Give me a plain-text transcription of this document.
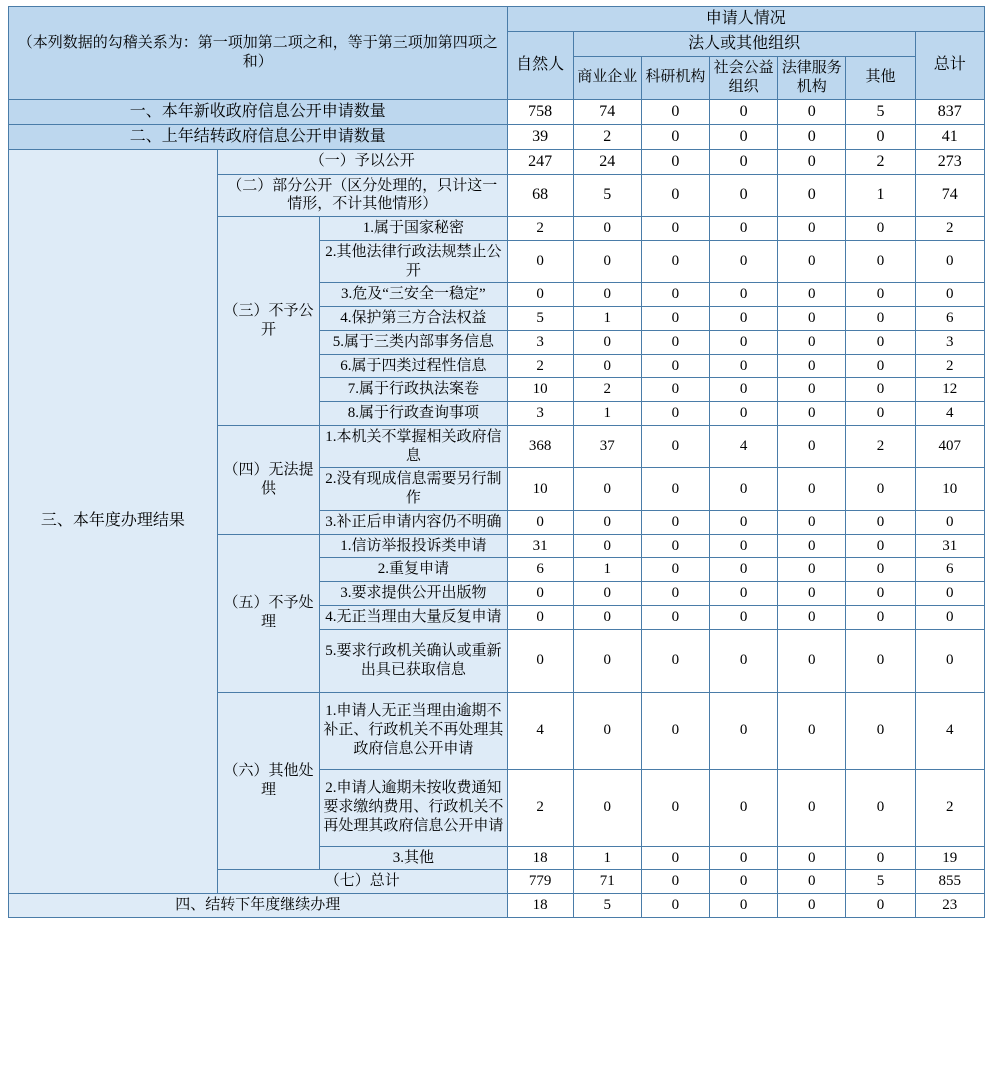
（本列数据的勾稽关系为：第一项加第二项之和，等于第三项加第四项之和）			申请人情况						
			自然人	法人或其他组织					总计
				商业企业	科研机构	社会公益组织	法律服务机构	其他	
一、本年新收政府信息公开申请数量			758	74	0	0	0	5	837
二、上年结转政府信息公开申请数量			39	2	0	0	0	0	41
三、本年度办理结果	（一）予以公开		247	24	0	0	0	2	273
	（二）部分公开（区分处理的，只计这一情形，不计其他情形）		68	5	0	0	0	1	74
	（三）不予公开	1.属于国家秘密	2	0	0	0	0	0	2
		2.其他法律行政法规禁止公开	0	0	0	0	0	0	0
		3.危及“三安全一稳定”	0	0	0	0	0	0	0
		4.保护第三方合法权益	5	1	0	0	0	0	6
		5.属于三类内部事务信息	3	0	0	0	0	0	3
		6.属于四类过程性信息	2	0	0	0	0	0	2
		7.属于行政执法案卷	10	2	0	0	0	0	12
		8.属于行政查询事项	3	1	0	0	0	0	4
	（四）无法提供	1.本机关不掌握相关政府信息	368	37	0	4	0	2	407
		2.没有现成信息需要另行制作	10	0	0	0	0	0	10
		3.补正后申请内容仍不明确	0	0	0	0	0	0	0
	（五）不予处理	1.信访举报投诉类申请	31	0	0	0	0	0	31
		2.重复申请	6	1	0	0	0	0	6
		3.要求提供公开出版物	0	0	0	0	0	0	0
		4.无正当理由大量反复申请	0	0	0	0	0	0	0
		5.要求行政机关确认或重新出具已获取信息	0	0	0	0	0	0	0
	（六）其他处理	1.申请人无正当理由逾期不补正、行政机关不再处理其政府信息公开申请	4	0	0	0	0	0	4
		2.申请人逾期未按收费通知要求缴纳费用、行政机关不再处理其政府信息公开申请	2	0	0	0	0	0	2
		3.其他	18	1	0	0	0	0	19
	（七）总计		779	71	0	0	0	5	855
四、结转下年度继续办理			18	5	0	0	0	0	23
